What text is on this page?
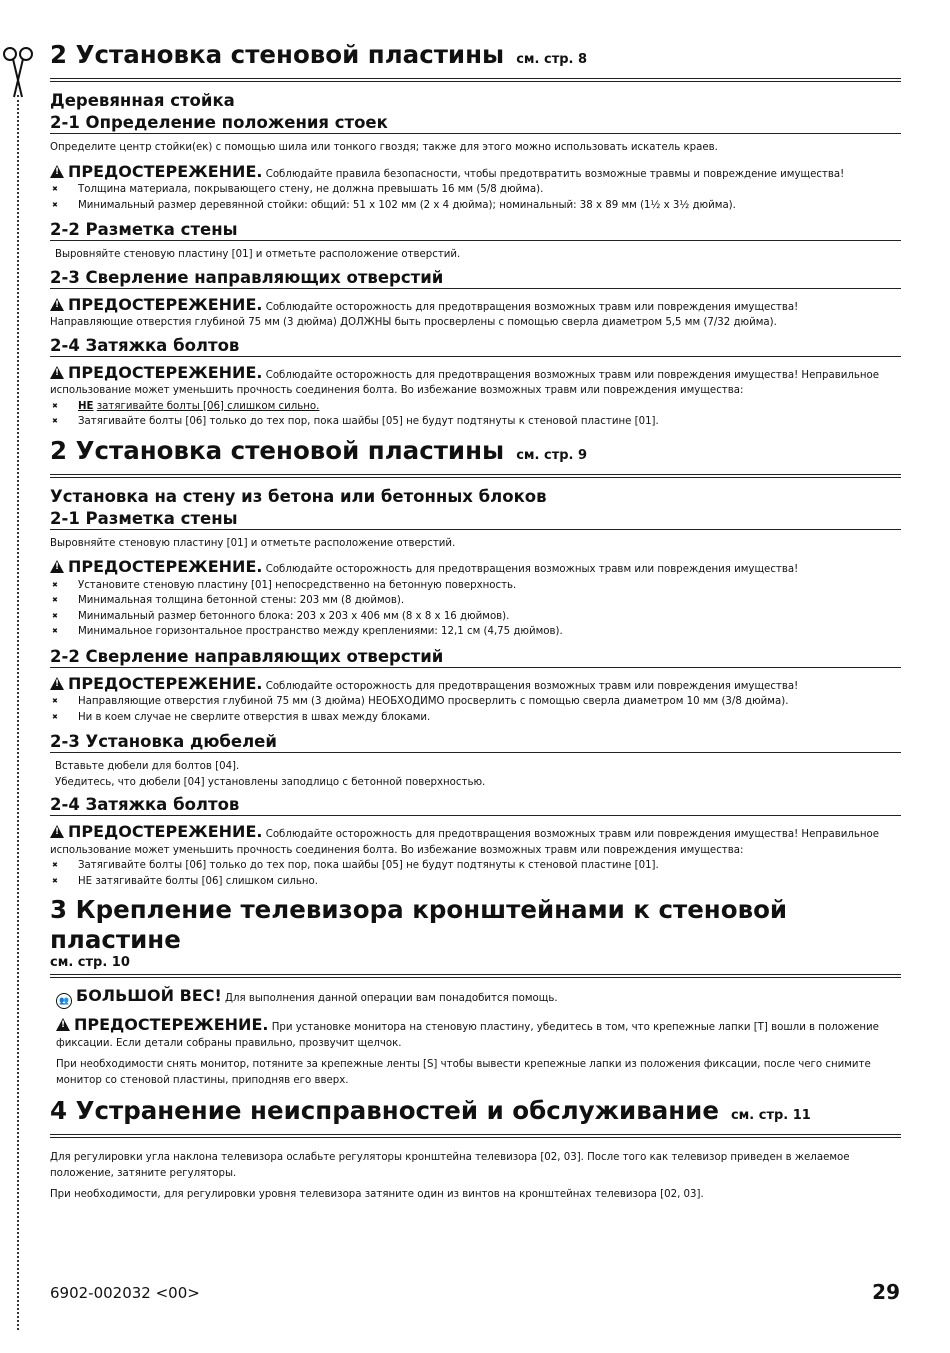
2 Установка стеновой пластины см. стр. 8
Деревянная стойка
2-1 Определение положения стоек
Определите центр стойки(ек) с помощью шила или тонкого гвоздя; также для этого можно использовать искатель краев.
!ПРЕДОСТЕРЕЖЕНИЕ. Соблюдайте правила безопасности, чтобы предотвратить возможные травмы и повреждение имущества!
✖ Толщина материала, покрывающего стену, не должна превышать 16 мм (5/8 дюйма).
✖ Минимальный размер деревянной стойки: общий: 51 x 102 мм (2 x 4 дюйма); номинальный: 38 x 89 мм (1½ x 3½ дюйма).
2-2 Разметка стены
Выровняйте стеновую пластину [01] и отметьте расположение отверстий.
2-3 Сверление направляющих отверстий
!ПРЕДОСТЕРЕЖЕНИЕ. Соблюдайте осторожность для предотвращения возможных травм или повреждения имущества!
Направляющие отверстия глубиной 75 мм (3 дюйма) ДОЛЖНЫ быть просверлены с помощью сверла диаметром 5,5 мм (7/32 дюйма).
2-4 Затяжка болтов
!ПРЕДОСТЕРЕЖЕНИЕ. Соблюдайте осторожность для предотвращения возможных травм или повреждения имущества! Неправильное использование может уменьшить прочность соединения болта. Во избежание возможных травм или повреждения имущества:
✖ НЕ затягивайте болты [06] слишком сильно.
✖ Затягивайте болты [06] только до тех пор, пока шайбы [05] не будут подтянуты к стеновой пластине [01].
2 Установка стеновой пластины см. стр. 9
Установка на стену из бетона или бетонных блоков
2-1 Разметка стены
Выровняйте стеновую пластину [01] и отметьте расположение отверстий.
!ПРЕДОСТЕРЕЖЕНИЕ. Соблюдайте осторожность для предотвращения возможных травм или повреждения имущества!
✖ Установите стеновую пластину [01] непосредственно на бетонную поверхность.
✖ Минимальная толщина бетонной стены: 203 мм (8 дюймов).
✖ Минимальный размер бетонного блока: 203 x 203 x 406 мм (8 x 8 x 16 дюймов).
✖ Минимальное горизонтальное пространство между креплениями: 12,1 см (4,75 дюймов).
2-2 Сверление направляющих отверстий
!ПРЕДОСТЕРЕЖЕНИЕ. Соблюдайте осторожность для предотвращения возможных травм или повреждения имущества!
✖ Направляющие отверстия глубиной 75 мм (3 дюйма) НЕОБХОДИМО просверлить с помощью сверла диаметром 10 мм (3/8 дюйма).
✖ Ни в коем случае не сверлите отверстия в швах между блоками.
2-3 Установка дюбелей
Вставьте дюбели для болтов [04].
Убедитесь, что дюбели [04] установлены заподлицо с бетонной поверхностью.
2-4 Затяжка болтов
!ПРЕДОСТЕРЕЖЕНИЕ. Соблюдайте осторожность для предотвращения возможных травм или повреждения имущества! Неправильное использование может уменьшить прочность соединения болта. Во избежание возможных травм или повреждения имущества:
✖ Затягивайте болты [06] только до тех пор, пока шайбы [05] не будут подтянуты к стеновой пластине [01].
✖ НЕ затягивайте болты [06] слишком сильно.
3 Крепление телевизора кронштейнами к стеновой пластине
см. стр. 10
👥 БОЛЬШОЙ ВЕС! Для выполнения данной операции вам понадобится помощь.
!ПРЕДОСТЕРЕЖЕНИЕ. При установке монитора на стеновую пластину, убедитесь в том, что крепежные лапки [T] вошли в положение фиксации. Если детали собраны правильно, прозвучит щелчок.
При необходимости снять монитор, потяните за крепежные ленты [S] чтобы вывести крепежные лапки из положения фиксации, после чего снимите монитор со стеновой пластины, приподняв его вверх.
4 Устранение неисправностей и обслуживание см. стр. 11
Для регулировки угла наклона телевизора ослабьте регуляторы кронштейна телевизора [02, 03]. После того как телевизор приведен в желаемое положение, затяните регуляторы.
При необходимости, для регулировки уровня телевизора затяните один из винтов на кронштейнах телевизора [02, 03].
6902-002032 <00>	29
